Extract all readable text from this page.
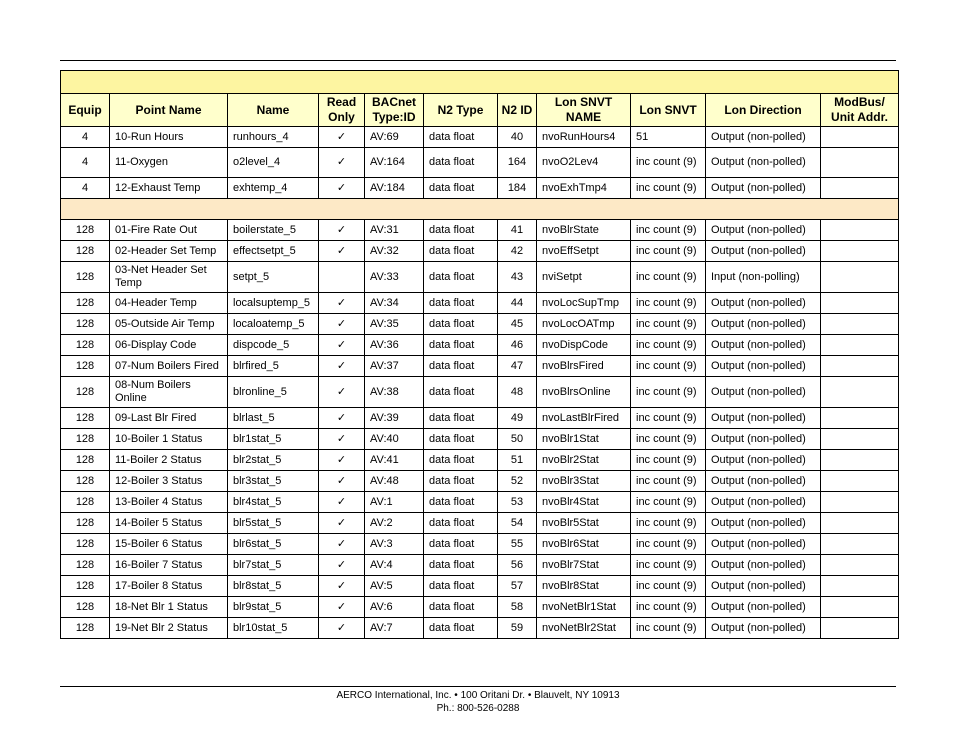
Equip	Point Name	Name	Read Only	BACnet Type:ID	N2 Type	N2 ID	Lon SNVT NAME	Lon SNVT	Lon Direction	ModBus/ Unit Addr.
4	10-Run Hours	runhours_4	✓	AV:69	data float	40	nvoRunHours4	51	Output (non-polled)	
4	11-Oxygen	o2level_4	✓	AV:164	data float	164	nvoO2Lev4	inc count (9)	Output (non-polled)	
4	12-Exhaust Temp	exhtemp_4	✓	AV:184	data float	184	nvoExhTmp4	inc count (9)	Output (non-polled)	

128	01-Fire Rate Out	boilerstate_5	✓	AV:31	data float	41	nvoBlrState	inc count (9)	Output (non-polled)	
128	02-Header Set Temp	effectsetpt_5	✓	AV:32	data float	42	nvoEffSetpt	inc count (9)	Output (non-polled)	
128	03-Net Header Set Temp	setpt_5		AV:33	data float	43	nviSetpt	inc count (9)	Input (non-polling)	
128	04-Header Temp	localsuptemp_5	✓	AV:34	data float	44	nvoLocSupTmp	inc count (9)	Output (non-polled)	
128	05-Outside Air Temp	localoatemp_5	✓	AV:35	data float	45	nvoLocOATmp	inc count (9)	Output (non-polled)	
128	06-Display Code	dispcode_5	✓	AV:36	data float	46	nvoDispCode	inc count (9)	Output (non-polled)	
128	07-Num Boilers Fired	blrfired_5	✓	AV:37	data float	47	nvoBlrsFired	inc count (9)	Output (non-polled)	
128	08-Num Boilers Online	blronline_5	✓	AV:38	data float	48	nvoBlrsOnline	inc count (9)	Output (non-polled)	
128	09-Last Blr Fired	blrlast_5	✓	AV:39	data float	49	nvoLastBlrFired	inc count (9)	Output (non-polled)	
128	10-Boiler 1 Status	blr1stat_5	✓	AV:40	data float	50	nvoBlr1Stat	inc count (9)	Output (non-polled)	
128	11-Boiler 2 Status	blr2stat_5	✓	AV:41	data float	51	nvoBlr2Stat	inc count (9)	Output (non-polled)	
128	12-Boiler 3 Status	blr3stat_5	✓	AV:48	data float	52	nvoBlr3Stat	inc count (9)	Output (non-polled)	
128	13-Boiler 4 Status	blr4stat_5	✓	AV:1	data float	53	nvoBlr4Stat	inc count (9)	Output (non-polled)	
128	14-Boiler 5 Status	blr5stat_5	✓	AV:2	data float	54	nvoBlr5Stat	inc count (9)	Output (non-polled)	
128	15-Boiler 6 Status	blr6stat_5	✓	AV:3	data float	55	nvoBlr6Stat	inc count (9)	Output (non-polled)	
128	16-Boiler 7 Status	blr7stat_5	✓	AV:4	data float	56	nvoBlr7Stat	inc count (9)	Output (non-polled)	
128	17-Boiler 8 Status	blr8stat_5	✓	AV:5	data float	57	nvoBlr8Stat	inc count (9)	Output (non-polled)	
128	18-Net Blr 1 Status	blr9stat_5	✓	AV:6	data float	58	nvoNetBlr1Stat	inc count (9)	Output (non-polled)	
128	19-Net Blr 2 Status	blr10stat_5	✓	AV:7	data float	59	nvoNetBlr2Stat	inc count (9)	Output (non-polled)	
AERCO International, Inc. • 100 Oritani Dr. • Blauvelt, NY 10913
Ph.: 800-526-0288
